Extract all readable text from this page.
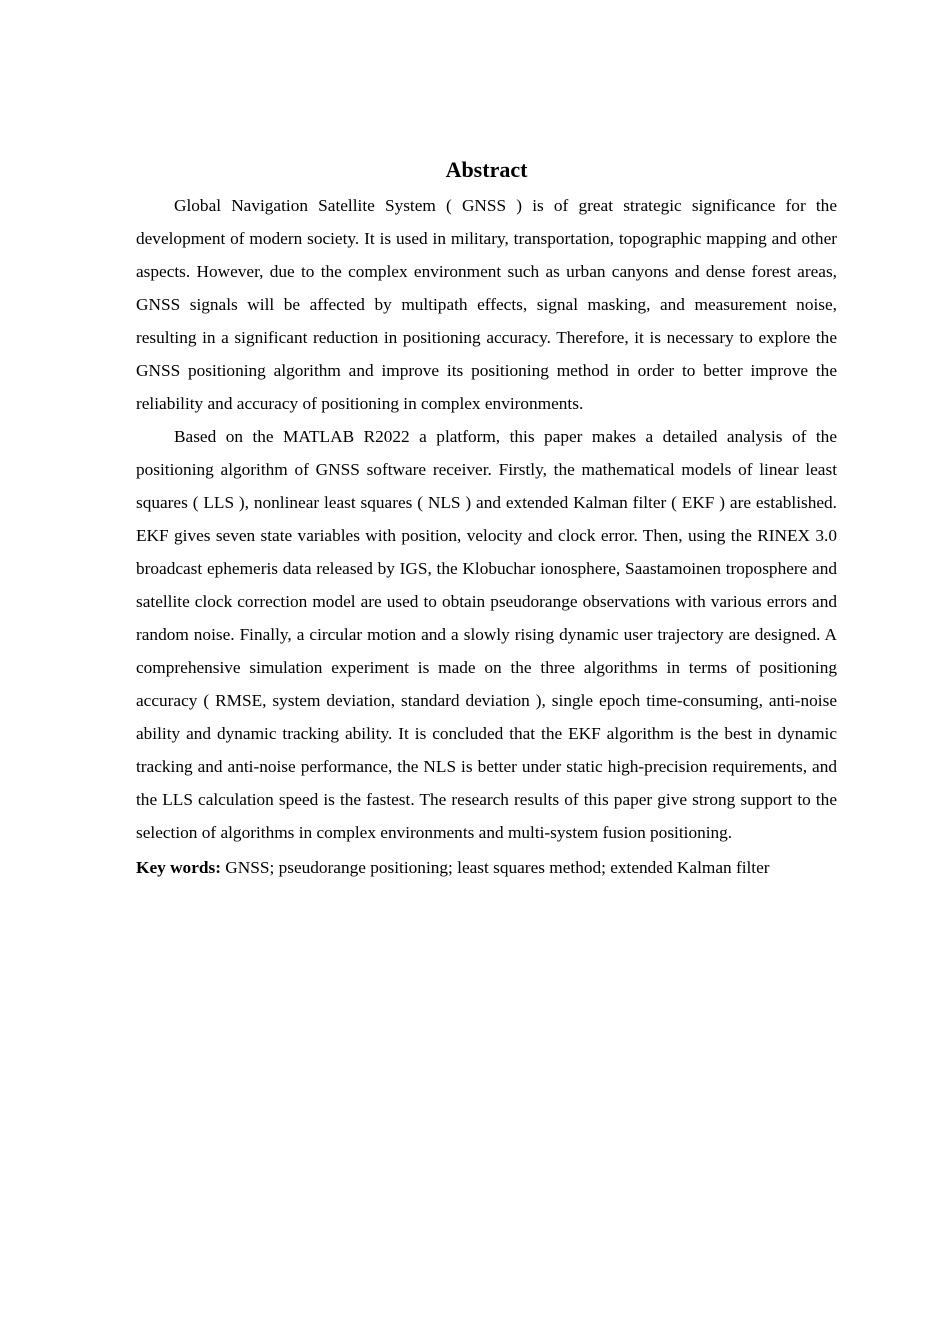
Abstract

Global Navigation Satellite System ( GNSS ) is of great strategic significance for the development of modern society. It is used in military, transportation, topographic mapping and other aspects. However, due to the complex environment such as urban canyons and dense forest areas, GNSS signals will be affected by multipath effects, signal masking, and measurement noise, resulting in a significant reduction in positioning accuracy. Therefore, it is necessary to explore the GNSS positioning algorithm and improve its positioning method in order to better improve the reliability and accuracy of positioning in complex environments.

Based on the MATLAB R2022 a platform, this paper makes a detailed analysis of the positioning algorithm of GNSS software receiver. Firstly, the mathematical models of linear least squares ( LLS ), nonlinear least squares ( NLS ) and extended Kalman filter ( EKF ) are established. EKF gives seven state variables with position, velocity and clock error. Then, using the RINEX 3.0 broadcast ephemeris data released by IGS, the Klobuchar ionosphere, Saastamoinen troposphere and satellite clock correction model are used to obtain pseudorange observations with various errors and random noise. Finally, a circular motion and a slowly rising dynamic user trajectory are designed. A comprehensive simulation experiment is made on the three algorithms in terms of positioning accuracy ( RMSE, system deviation, standard deviation ), single epoch time-consuming, anti-noise ability and dynamic tracking ability. It is concluded that the EKF algorithm is the best in dynamic tracking and anti-noise performance, the NLS is better under static high-precision requirements, and the LLS calculation speed is the fastest. The research results of this paper give strong support to the selection of algorithms in complex environments and multi-system fusion positioning.

Key words: GNSS; pseudorange positioning; least squares method; extended Kalman filter
